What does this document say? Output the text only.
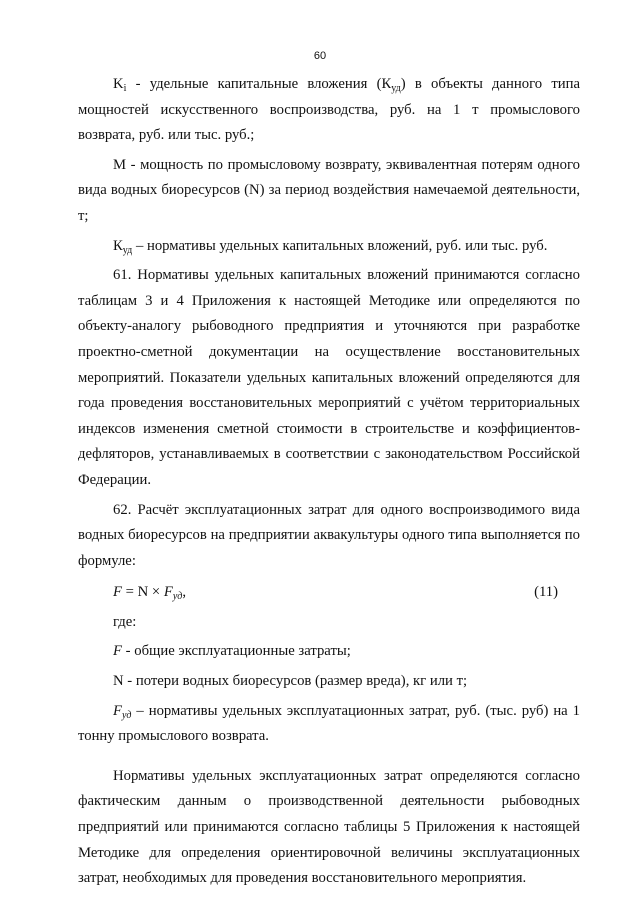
60

$K_i$ - удельные капитальные вложения $(К_{уд})$ в объекты данного типа мощностей искусственного воспроизводства, руб. на 1 т промыслового возврата, руб. или тыс. руб.;

М - мощность по промысловому возврату, эквивалентная потерям одного вида водных биоресурсов (N) за период воздействия намечаемой деятельности, т;

$К_{уд}$ – нормативы удельных капитальных вложений, руб. или тыс. руб.

61. Нормативы удельных капитальных вложений принимаются согласно таблицам 3 и 4 Приложения к настоящей Методике или определяются по объекту-аналогу рыбоводного предприятия и уточняются при разработке проектно-сметной документации на осуществление восстановительных мероприятий. Показатели удельных капитальных вложений определяются для года проведения восстановительных мероприятий с учётом территориальных индексов изменения сметной стоимости в строительстве и коэффициентов-дефляторов, устанавливаемых в соответствии с законодательством Российской Федерации.

62. Расчёт эксплуатационных затрат для одного воспроизводимого вида водных биоресурсов на предприятии аквакультуры одного типа выполняется по формуле:

$F = N \times F_{уд}$,	(11)

где:

F - общие эксплуатационные затраты;

N - потери водных биоресурсов (размер вреда), кг или т;

$F_{уд}$ – нормативы удельных эксплуатационных затрат, руб. (тыс. руб) на 1 тонну промыслового возврата.

Нормативы удельных эксплуатационных затрат определяются согласно фактическим данным о производственной деятельности рыбоводных предприятий или принимаются согласно таблицы 5 Приложения к настоящей Методике для определения ориентировочной величины эксплуатационных затрат, необходимых для проведения восстановительного мероприятия.
